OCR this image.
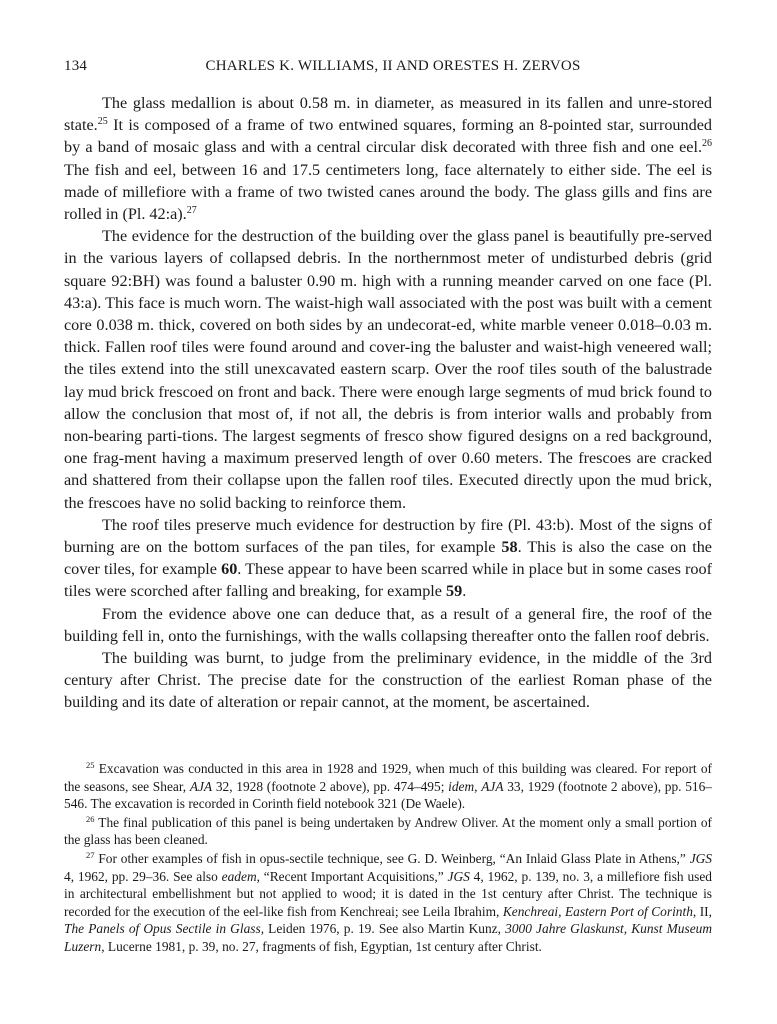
134	CHARLES K. WILLIAMS, II AND ORESTES H. ZERVOS

The glass medallion is about 0.58 m. in diameter, as measured in its fallen and unre-stored state.$^{25}$ It is composed of a frame of two entwined squares, forming an 8-pointed star, surrounded by a band of mosaic glass and with a central circular disk decorated with three fish and one eel.$^{26}$ The fish and eel, between 16 and 17.5 centimeters long, face alternately to either side. The eel is made of millefiore with a frame of two twisted canes around the body. The glass gills and fins are rolled in (Pl. 42:a).$^{27}$

The evidence for the destruction of the building over the glass panel is beautifully pre-served in the various layers of collapsed debris. In the northernmost meter of undisturbed debris (grid square 92:BH) was found a baluster 0.90 m. high with a running meander carved on one face (Pl. 43:a). This face is much worn. The waist-high wall associated with the post was built with a cement core 0.038 m. thick, covered on both sides by an undecorat-ed, white marble veneer 0.018–0.03 m. thick. Fallen roof tiles were found around and cover-ing the baluster and waist-high veneered wall; the tiles extend into the still unexcavated eastern scarp. Over the roof tiles south of the balustrade lay mud brick frescoed on front and back. There were enough large segments of mud brick found to allow the conclusion that most of, if not all, the debris is from interior walls and probably from non-bearing parti-tions. The largest segments of fresco show figured designs on a red background, one frag-ment having a maximum preserved length of over 0.60 meters. The frescoes are cracked and shattered from their collapse upon the fallen roof tiles. Executed directly upon the mud brick, the frescoes have no solid backing to reinforce them.

The roof tiles preserve much evidence for destruction by fire (Pl. 43:b). Most of the signs of burning are on the bottom surfaces of the pan tiles, for example 58. This is also the case on the cover tiles, for example 60. These appear to have been scarred while in place but in some cases roof tiles were scorched after falling and breaking, for example 59.

From the evidence above one can deduce that, as a result of a general fire, the roof of the building fell in, onto the furnishings, with the walls collapsing thereafter onto the fallen roof debris.

The building was burnt, to judge from the preliminary evidence, in the middle of the 3rd century after Christ. The precise date for the construction of the earliest Roman phase of the building and its date of alteration or repair cannot, at the moment, be ascertained.

$^{25}$ Excavation was conducted in this area in 1928 and 1929, when much of this building was cleared. For report of the seasons, see Shear, AJA 32, 1928 (footnote 2 above), pp. 474–495; idem, AJA 33, 1929 (footnote 2 above), pp. 516–546. The excavation is recorded in Corinth field notebook 321 (De Waele).

$^{26}$ The final publication of this panel is being undertaken by Andrew Oliver. At the moment only a small portion of the glass has been cleaned.

$^{27}$ For other examples of fish in opus-sectile technique, see G. D. Weinberg, “An Inlaid Glass Plate in Athens,” JGS 4, 1962, pp. 29–36. See also eadem, “Recent Important Acquisitions,” JGS 4, 1962, p. 139, no. 3, a millefiore fish used in architectural embellishment but not applied to wood; it is dated in the 1st century after Christ. The technique is recorded for the execution of the eel-like fish from Kenchreai; see Leila Ibrahim, Kenchreai, Eastern Port of Corinth, II, The Panels of Opus Sectile in Glass, Leiden 1976, p. 19. See also Martin Kunz, 3000 Jahre Glaskunst, Kunst Museum Luzern, Lucerne 1981, p. 39, no. 27, fragments of fish, Egyptian, 1st century after Christ.
